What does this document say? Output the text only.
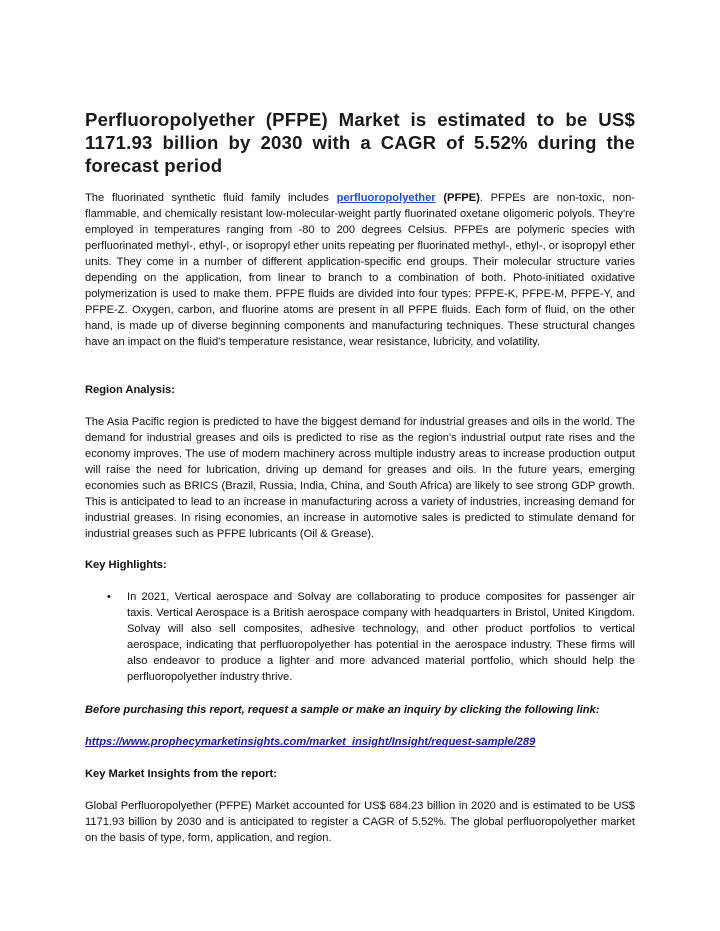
Perfluoropolyether (PFPE) Market is estimated to be US$ 1171.93 billion by 2030 with a CAGR of 5.52% during the forecast period

The fluorinated synthetic fluid family includes perfluoropolyether (PFPE). PFPEs are non-toxic, non-flammable, and chemically resistant low-molecular-weight partly fluorinated oxetane oligomeric polyols. They're employed in temperatures ranging from -80 to 200 degrees Celsius. PFPEs are polymeric species with perfluorinated methyl-, ethyl-, or isopropyl ether units repeating per fluorinated methyl-, ethyl-, or isopropyl ether units. They come in a number of different application-specific end groups. Their molecular structure varies depending on the application, from linear to branch to a combination of both. Photo-initiated oxidative polymerization is used to make them. PFPE fluids are divided into four types: PFPE-K, PFPE-M, PFPE-Y, and PFPE-Z. Oxygen, carbon, and fluorine atoms are present in all PFPE fluids. Each form of fluid, on the other hand, is made up of diverse beginning components and manufacturing techniques. These structural changes have an impact on the fluid's temperature resistance, wear resistance, lubricity, and volatility.

Region Analysis:

The Asia Pacific region is predicted to have the biggest demand for industrial greases and oils in the world. The demand for industrial greases and oils is predicted to rise as the region's industrial output rate rises and the economy improves. The use of modern machinery across multiple industry areas to increase production output will raise the need for lubrication, driving up demand for greases and oils. In the future years, emerging economies such as BRICS (Brazil, Russia, India, China, and South Africa) are likely to see strong GDP growth. This is anticipated to lead to an increase in manufacturing across a variety of industries, increasing demand for industrial greases. In rising economies, an increase in automotive sales is predicted to stimulate demand for industrial greases such as PFPE lubricants (Oil & Grease).

Key Highlights:
•	In 2021, Vertical aerospace and Solvay are collaborating to produce composites for passenger air taxis. Vertical Aerospace is a British aerospace company with headquarters in Bristol, United Kingdom. Solvay will also sell composites, adhesive technology, and other product portfolios to vertical aerospace, indicating that perfluoropolyether has potential in the aerospace industry. These firms will also endeavor to produce a lighter and more advanced material portfolio, which should help the perfluoropolyether industry thrive.

Before purchasing this report, request a sample or make an inquiry by clicking the following link:

https://www.prophecymarketinsights.com/market_insight/Insight/request-sample/289
Key Market Insights from the report:

Global Perfluoropolyether (PFPE) Market accounted for US$ 684.23 billion in 2020 and is estimated to be US$ 1171.93 billion by 2030 and is anticipated to register a CAGR of 5.52%. The global perfluoropolyether market on the basis of type, form, application, and region.
